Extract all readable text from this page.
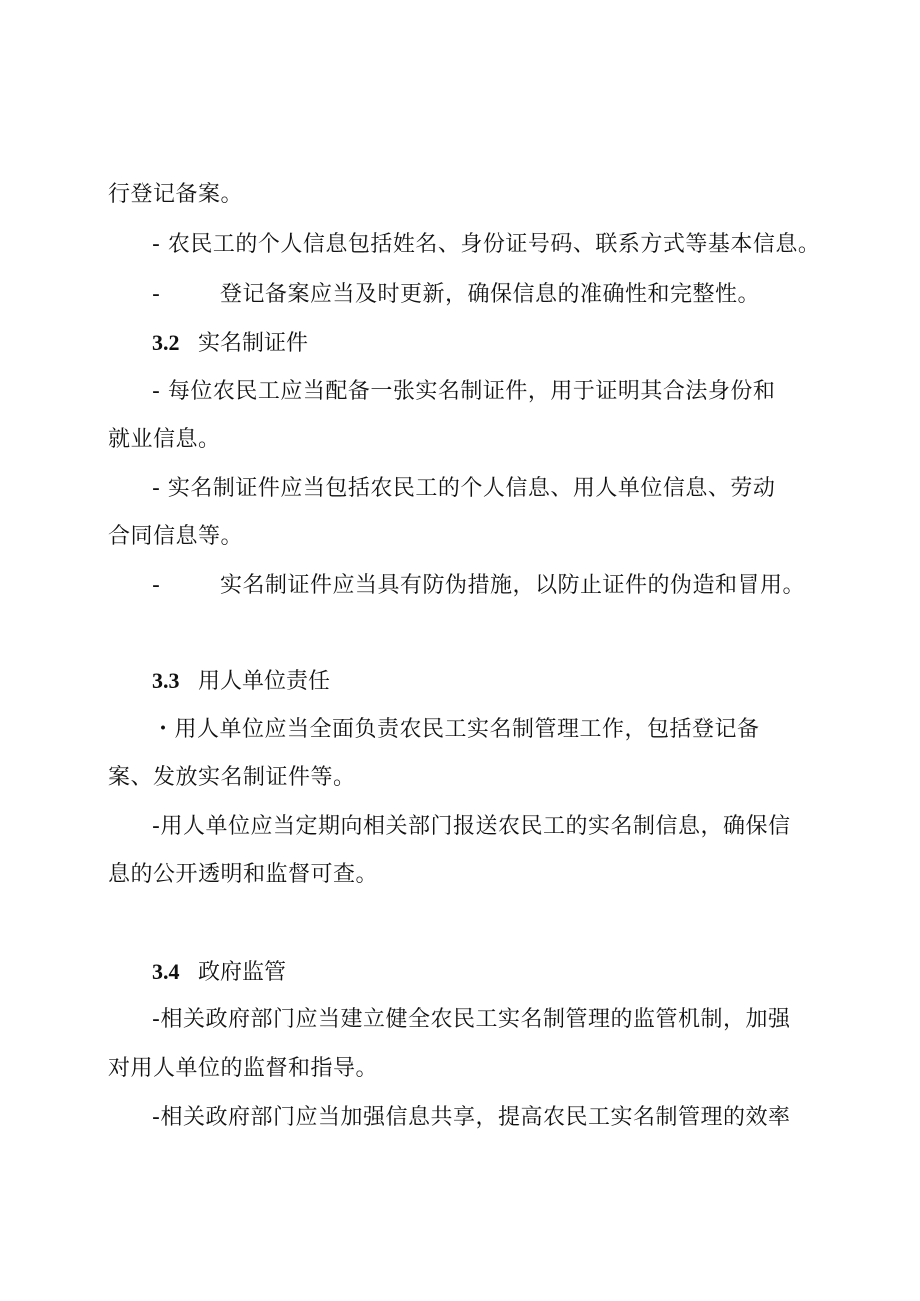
行登记备案。
- 农民工的个人信息包括姓名、身份证号码、联系方式等基本信息。
-	登记备案应当及时更新，确保信息的准确性和完整性。
3.2 实名制证件
- 每位农民工应当配备一张实名制证件，用于证明其合法身份和
就业信息。
- 实名制证件应当包括农民工的个人信息、用人单位信息、劳动
合同信息等。
-	实名制证件应当具有防伪措施，以防止证件的伪造和冒用。
3.3 用人单位责任
・用人单位应当全面负责农民工实名制管理工作，包括登记备
案、发放实名制证件等。
-用人单位应当定期向相关部门报送农民工的实名制信息，确保信
息的公开透明和监督可查。
3.4 政府监管
-相关政府部门应当建立健全农民工实名制管理的监管机制，加强
对用人单位的监督和指导。
-相关政府部门应当加强信息共享，提高农民工实名制管理的效率
